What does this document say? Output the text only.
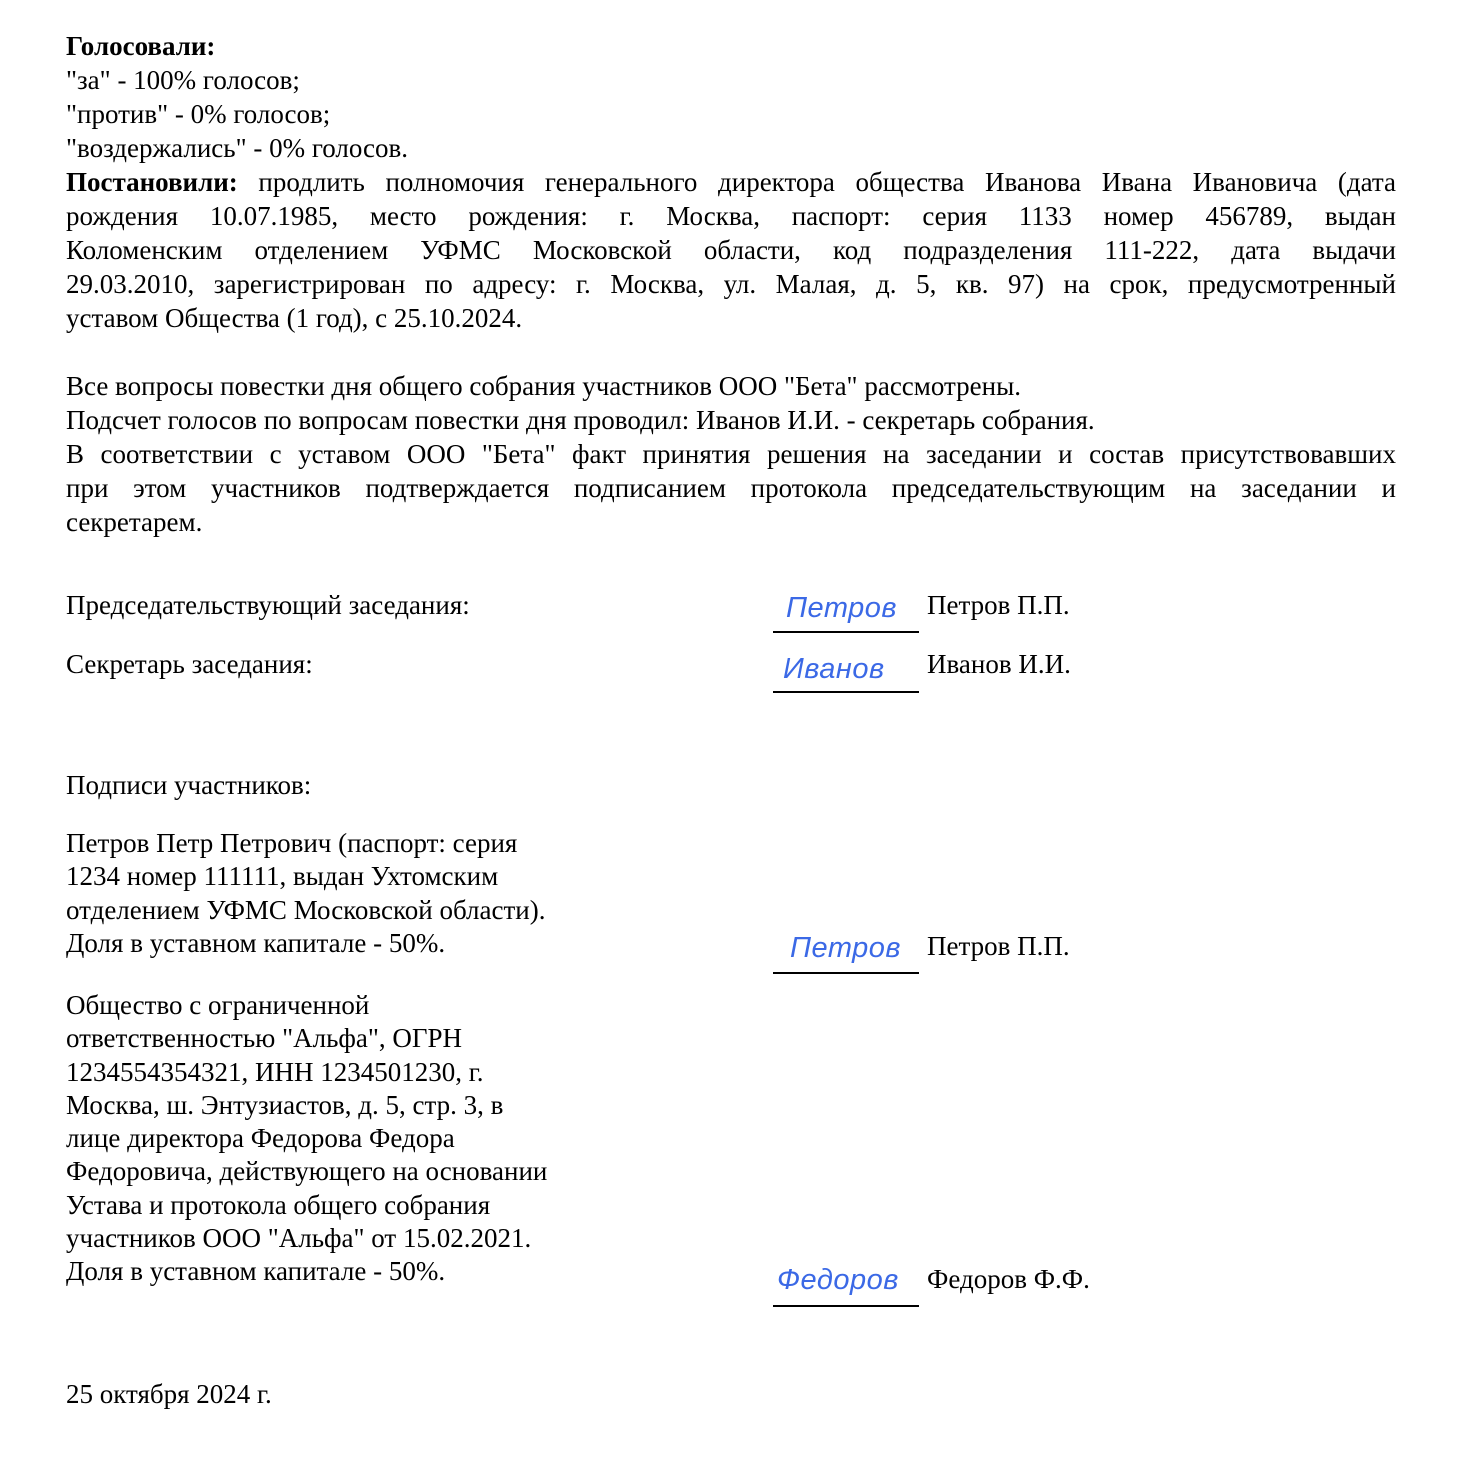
Голосовали:
"за" - 100% голосов;
"против" - 0% голосов;
"воздержались" - 0% голосов.
Постановили: продлить полномочия генерального директора общества Иванова Ивана Ивановича (дата
рождения 10.07.1985, место рождения: г. Москва, паспорт: серия 1133 номер 456789, выдан
Коломенским отделением УФМС Московской области, код подразделения 111-222, дата выдачи
29.03.2010, зарегистрирован по адресу: г. Москва, ул. Малая, д. 5, кв. 97) на срок, предусмотренный
уставом Общества (1 год), с 25.10.2024.
Все вопросы повестки дня общего собрания участников ООО "Бета" рассмотрены.
Подсчет голосов по вопросам повестки дня проводил: Иванов И.И. - секретарь собрания.
В соответствии с уставом ООО "Бета" факт принятия решения на заседании и состав присутствовавших
при этом участников подтверждается подписанием протокола председательствующим на заседании и
секретарем.
Председательствующий заседания:	Петров Петров П.П.
Секретарь заседания:	Иванов Иванов И.И.
Подписи участников:
Петров Петр Петрович (паспорт: серия
1234 номер 111111, выдан Ухтомским
отделением УФМС Московской области).
Доля в уставном капитале - 50%.	Петров Петров П.П.
Общество с ограниченной
ответственностью "Альфа", ОГРН
1234554354321, ИНН 1234501230, г.
Москва, ш. Энтузиастов, д. 5, стр. 3, в
лице директора Федорова Федора
Федоровича, действующего на основании
Устава и протокола общего собрания
участников ООО "Альфа" от 15.02.2021.
Доля в уставном капитале - 50%.	Федоров Федоров Ф.Ф.
25 октября 2024 г.
